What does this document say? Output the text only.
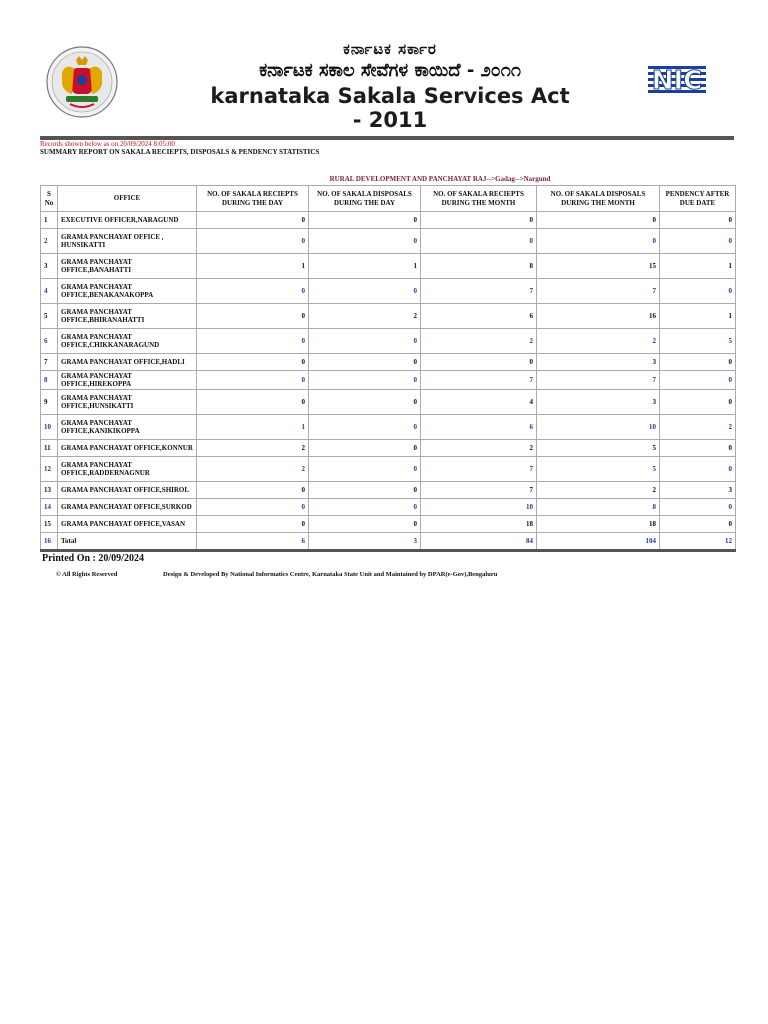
ಕರ್ನಾಟಕ ಸರ್ಕಾರ
ಕರ್ನಾಟಕ ಸಕಾಲ ಸೇವೆಗಳ ಕಾಯಿದೆ - ೨೦೧೧
karnataka Sakala Services Act - 2011
NIC
Records shown below as on 20/09/2024 8:05:00
SUMMARY REPORT ON SAKALA RECIEPTS, DISPOSALS & PENDENCY STATISTICS
RURAL DEVELOPMENT AND PANCHAYAT RAJ-->Gadag-->Nargund
S No	OFFICE	NO. OF SAKALA RECIEPTS DURING THE DAY	NO. OF SAKALA DISPOSALS DURING THE DAY	NO. OF SAKALA RECIEPTS DURING THE MONTH	NO. OF SAKALA DISPOSALS DURING THE MONTH	PENDENCY AFTER DUE DATE
1	EXECUTIVE OFFICER,NARAGUND	0	0	0	0	0
2	GRAMA PANCHAYAT OFFICE , HUNSIKATTI	0	0	0	0	0
3	GRAMA PANCHAYAT OFFICE,BANAHATTI	1	1	8	15	1
4	GRAMA PANCHAYAT OFFICE,BENAKANAKOPPA	0	0	7	7	0
5	GRAMA PANCHAYAT OFFICE,BHIRANAHATTI	0	2	6	16	1
6	GRAMA PANCHAYAT OFFICE,CHIKKANARAGUND	0	0	2	2	5
7	GRAMA PANCHAYAT OFFICE,HADLI	0	0	0	3	0
8	GRAMA PANCHAYAT OFFICE,HIREKOPPA	0	0	7	7	0
9	GRAMA PANCHAYAT OFFICE,HUNSIKATTI	0	0	4	3	0
10	GRAMA PANCHAYAT OFFICE,KANIKIKOPPA	1	0	6	10	2
11	GRAMA PANCHAYAT OFFICE,KONNUR	2	0	2	5	0
12	GRAMA PANCHAYAT OFFICE,RADDERNAGNUR	2	0	7	5	0
13	GRAMA PANCHAYAT OFFICE,SHIROL	0	0	7	2	3
14	GRAMA PANCHAYAT OFFICE,SURKOD	0	0	10	8	0
15	GRAMA PANCHAYAT OFFICE,VASAN	0	0	18	18	0
16	Total	6	3	84	104	12
Printed On : 20/09/2024
© All Rights Reserved	Design & Developed By National Informatics Centre, Karnataka State Unit and Maintained by DPAR(e-Gov),Bengaluru
